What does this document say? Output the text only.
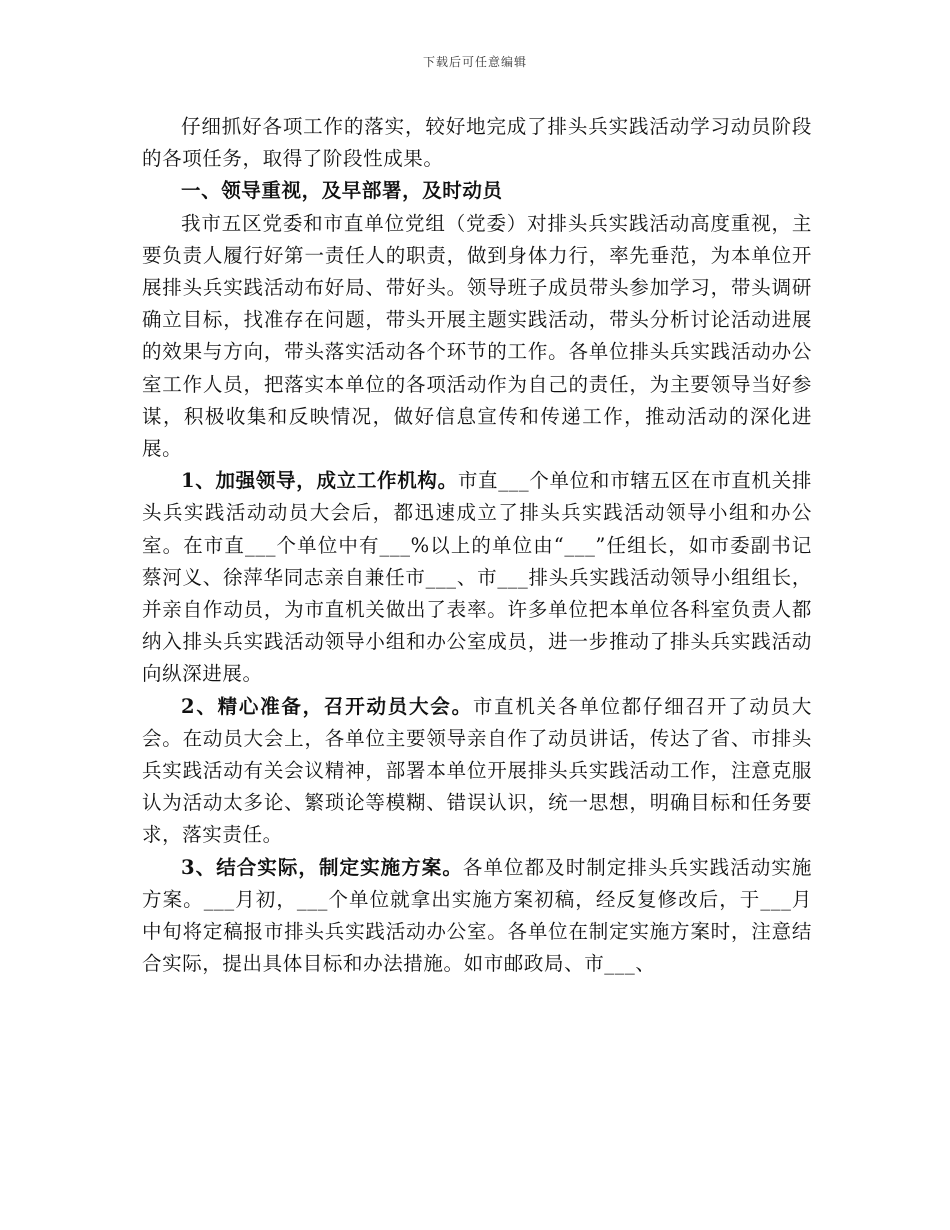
下载后可任意编辑

仔细抓好各项工作的落实，较好地完成了排头兵实践活动学习动员阶段的各项任务，取得了阶段性成果。

一、领导重视，及早部署，及时动员

我市五区党委和市直单位党组（党委）对排头兵实践活动高度重视，主要负责人履行好第一责任人的职责，做到身体力行，率先垂范，为本单位开展排头兵实践活动布好局、带好头。领导班子成员带头参加学习，带头调研确立目标，找准存在问题，带头开展主题实践活动，带头分析讨论活动进展的效果与方向，带头落实活动各个环节的工作。各单位排头兵实践活动办公室工作人员，把落实本单位的各项活动作为自己的责任，为主要领导当好参谋，积极收集和反映情况，做好信息宣传和传递工作，推动活动的深化进展。

1、加强领导，成立工作机构。市直___个单位和市辖五区在市直机关排头兵实践活动动员大会后，都迅速成立了排头兵实践活动领导小组和办公室。在市直___个单位中有___%以上的单位由“___”任组长，如市委副书记蔡河义、徐萍华同志亲自兼任市___、市___排头兵实践活动领导小组组长，并亲自作动员，为市直机关做出了表率。许多单位把本单位各科室负责人都纳入排头兵实践活动领导小组和办公室成员，进一步推动了排头兵实践活动向纵深进展。

2、精心准备，召开动员大会。市直机关各单位都仔细召开了动员大会。在动员大会上，各单位主要领导亲自作了动员讲话，传达了省、市排头兵实践活动有关会议精神，部署本单位开展排头兵实践活动工作，注意克服认为活动太多论、繁琐论等模糊、错误认识，统一思想，明确目标和任务要求，落实责任。

3、结合实际，制定实施方案。各单位都及时制定排头兵实践活动实施方案。___月初，___个单位就拿出实施方案初稿，经反复修改后，于___月中旬将定稿报市排头兵实践活动办公室。各单位在制定实施方案时，注意结合实际，提出具体目标和办法措施。如市邮政局、市___、
